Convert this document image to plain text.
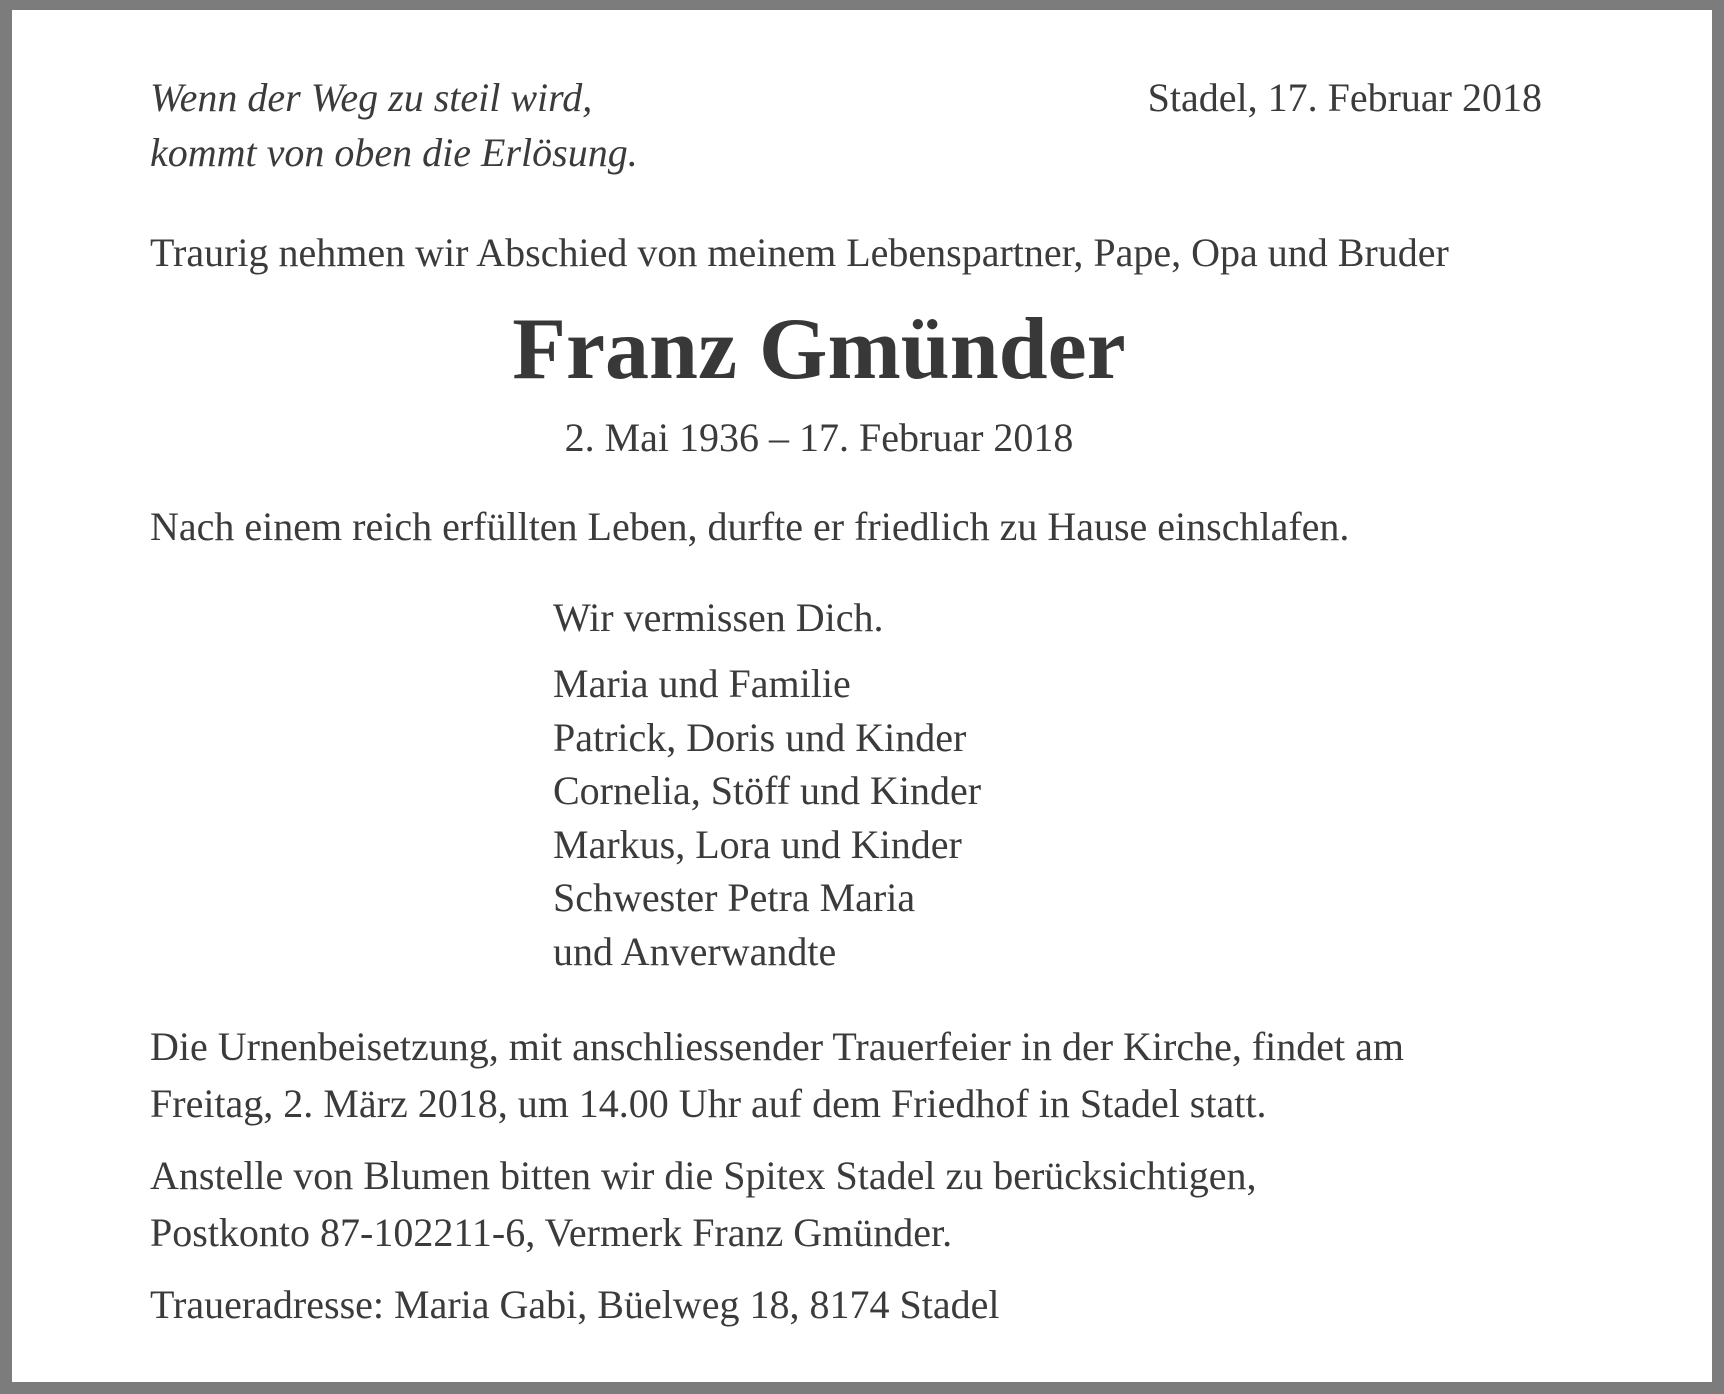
Wenn der Weg zu steil wird,
kommt von oben die Erlösung.
Stadel, 17. Februar 2018
Traurig nehmen wir Abschied von meinem Lebenspartner, Pape, Opa und Bruder
Franz Gmünder
2. Mai 1936 – 17. Februar 2018
Nach einem reich erfüllten Leben, durfte er friedlich zu Hause einschlafen.
Wir vermissen Dich.
Maria und Familie
Patrick, Doris und Kinder
Cornelia, Stöff und Kinder
Markus, Lora und Kinder
Schwester Petra Maria
und Anverwandte
Die Urnenbeisetzung, mit anschliessender Trauerfeier in der Kirche, findet am
Freitag, 2. März 2018, um 14.00 Uhr auf dem Friedhof in Stadel statt.
Anstelle von Blumen bitten wir die Spitex Stadel zu berücksichtigen,
Postkonto 87-102211-6, Vermerk Franz Gmünder.
Traueradresse: Maria Gabi, Büelweg 18, 8174 Stadel
